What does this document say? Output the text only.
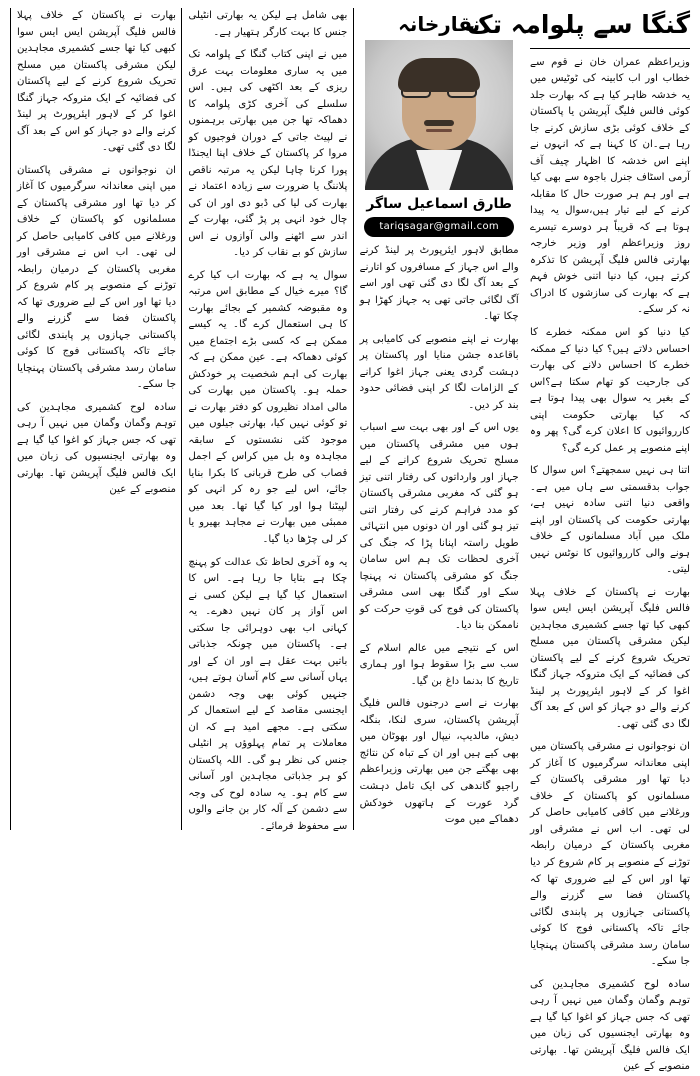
گنگا سے پلوامہ تک

وزیراعظم عمران خان نے قوم سے خطاب اور اب کابینہ کی ٹوٹیس میں یہ خدشہ ظاہر کیا ہے کہ بھارت جلد کوئی فالس فلیگ آپریشن یا پاکستان کے خلاف کوئی بڑی سازش کرنے جا رہا ہے۔ان کا کہنا ہے کہ انہوں نے اپنے اس خدشہ کا اظہار چیف آف آرمی اسٹاف جنرل باجوہ سے بھی کیا ہے اور ہم ہر صورت حال کا مقابلہ کرنے کے لیے تیار ہیں،سوال یہ پیدا ہوتا ہے کہ قریباً ہر دوسرے تیسرے روز وزیراعظم اور وزیر خارجہ بھارتی فالس فلیگ آپریشن کا تذکرہ کرتے ہیں، کیا دنیا اتنی خوش فہم ہے کہ بھارت کی سازشوں کا ادراک نہ کر سکے۔

کیا دنیا کو اس ممکنہ خطرے کا احساس دلاتے ہیں؟ کیا دنیا کے ممکنہ خطرے کا احساس دلانے کی بھارت کی جارحیت کو تھام سکتا ہے؟اس کے بغیر یہ سوال بھی پیدا ہوتا ہے کہ کیا بھارتی حکومت اپنی کارروائیوں کا اعلان کرے گی؟ پھر وہ اپنے منصوبے پر عمل کرے گی؟

اتنا ہی نہیں سمجھتے؟ اس سوال کا جواب بدقسمتی سے ہاں میں ہے۔ واقعی دنیا اتنی سادہ نہیں ہے، بھارتی حکومت کی پاکستان اور اپنے ملک میں آباد مسلمانوں کے خلاف ہونے والی کارروائیوں کا نوٹس نہیں لیتی۔

بھارت نے پاکستان کے خلاف پہلا فالس فلیگ آپریشن ایس ایس سوا کبھی کیا تھا جسے کشمیری مجاہدین لیکن مشرقی پاکستان میں مسلح تحریک شروع کرنے کے لیے پاکستان کی فضائیہ کے ایک متروکہ جہاز گنگا اغوا کر کے لاہور ایئرپورٹ پر لینڈ کرنے والے دو جہاز کو اس کے بعد آگ لگا دی گئی تھی۔

ان نوجوانوں نے مشرقی پاکستان میں اپنی معاندانہ سرگرمیوں کا آغاز کر دیا تھا اور مشرقی پاکستان کے مسلمانوں کو پاکستان کے خلاف ورغلانے میں کافی کامیابی حاصل کر لی تھی۔ اب اس نے مشرقی اور مغربی پاکستان کے درمیان رابطہ توڑنے کے منصوبے پر کام شروع کر دیا تھا اور اس کے لیے ضروری تھا کہ پاکستان فضا سے گزرنے والے پاکستانی جہازوں پر پابندی لگائی جائے تاکہ پاکستانی فوج کا کوئی سامان رسد مشرقی پاکستان پہنچایا جا سکے۔

سادہ لوح کشمیری مجاہدین کی توہم وگمان وگمان میں نہیں آ رہی تھی کہ جس جہاز کو اغوا کیا گیا ہے وہ بھارتی ایجنسیوں کی زبان میں ایک فالس فلیگ آپریشن تھا۔ بھارتی منصوبے کے عین

نقارخانہ
طارق اسماعیل ساگر
tariqsagar@gmail.com

مطابق لاہور ایئرپورٹ پر لینڈ کرنے والے اس جہاز کے مسافروں کو اتارنے کے بعد آگ لگا دی گئی تھی اور اسے آگ لگائی جاتی تھی یہ جہاز کھڑا ہو چکا تھا۔

بھارت نے اپنے منصوبے کی کامیابی پر باقاعدہ جشن منایا اور پاکستان پر دہشت گردی یعنی جہاز اغوا کرانے کے الزامات لگا کر اپنی فضائی حدود بند کر دیں۔

یوں اس کے اور بھی بہت سے اسباب ہوں میں مشرقی پاکستان میں مسلح تحریک شروع کرانے کے لیے جہاز اور وارداتوں کی رفتار اتنی تیز ہو گئی کہ مغربی مشرقی پاکستان کو مدد فراہم کرنے کی رفتار اتنی تیز ہو گئی اور ان دونوں میں انتہائی طویل راستہ اپنانا پڑا کہ جنگ کی آخری لحظات تک ہم اس سامان جنگ کو مشرقی پاکستان نہ پہنچا سکے اور گنگا بھی اسی مشرقی پاکستان کی فوج کی قوتِ حرکت کو ناممکن بنا دیا۔

اس کے نتیجے میں عالم اسلام کے سب سے بڑا سقوط ہوا اور ہماری تاریخ کا بدنما داغ بن گیا۔

بھارت نے اسے درجنوں فالس فلیگ آپریشن پاکستان، سری لنکا، بنگلہ دیش، مالدیپ، نیپال اور بھوٹان میں بھی کیے ہیں اور ان کے تباہ کن نتائج بھی بھگتے جن میں بھارتی وزیراعظم راجیو گاندھی کی ایک تامل دہشت گرد عورت کے ہاتھوں خودکش دھماکے میں موت

بھی شامل ہے لیکن یہ بھارتی انٹیلی جنس کا بہت کارگر ہتھیار ہے۔

میں نے اپنی کتاب گنگا کے پلوامہ تک میں یہ ساری معلومات بہت عرق ریزی کے بعد اکٹھی کی ہیں۔ اس سلسلے کی آخری کڑی پلوامہ کا دھماکہ تھا جن میں بھارتی برہمنوں نے لپیٹ جاتی کے دوران فوجیوں کو مروا کر پاکستان کے خلاف اپنا ایجنڈا پورا کرنا چاہا لیکن یہ مرتبہ ناقص پلاننگ یا ضرورت سے زیادہ اعتماد نے بھارت کی لیا کی ڈبو دی اور ان کی چال خود انہی پر پڑ گئی، بھارت کے اندر سے اٹھنے والی آوازوں نے اس سازش کو بے نقاب کر دیا۔

سوال یہ ہے کہ بھارت اب کیا کرے گا؟ میرے خیال کے مطابق اس مرتبہ وہ مقبوضہ کشمیر کے بجائے بھارت کا ہی استعمال کرے گا۔ یہ کیسے ممکن ہے کہ کسی بڑے اجتماع میں کوئی دھماکہ ہے۔ عین ممکن ہے کہ بھارت کی اہم شخصیت پر خودکش حملہ ہو۔ پاکستان میں بھارت کی مالی امداد نظیروں کو دفتر بھارت نے تو کوئی نہیں کیا، بھارتی جیلوں میں موجود کئی نشستوں کے سابقہ مجاہدہ وہ بل میں کراس کے اجمل قصاب کی طرح قربانی کا بکرا بنایا جائے، اس لیے جو رہ کر انہی کو لپیٹنا ہوا اور کیا گیا تھا۔ بعد میں ممبئی میں بھارت نے مجاہد بھیرو یا کر لی چڑھا دیا گیا۔

یہ وہ آخری لحاظ تک عدالت کو پہنچ چکا ہے بتایا جا رہا ہے۔ اس کا استعمال کیا گیا ہے لیکن کسی نے اس آواز پر کان نہیں دھرے۔ یہ کہانی اب بھی دوہرائی جا سکتی ہے۔ پاکستان میں چونکہ جذباتی باتیں بہت عقل ہے اور ان کے اور یہاں آسانی سے کام آسان ہوتے ہیں، جنہیں کوئی بھی وجہ دشمن ایجنسی مقاصد کے لیے استعمال کر سکتی ہے۔ مجھے امید ہے کہ ان معاملات پر تمام پہلوؤں پر انٹیلی جنس کی نظر ہو گی۔ اللہ پاکستان کو ہر جذباتی مجاہدین اور آسانی سے کام ہو۔ یہ سادہ لوح کی وجہ سے دشمن کے آلہ کار بن جانے والوں سے محفوظ فرمائے۔

بھارت نے پاکستان کے خلاف پہلا فالس فلیگ آپریشن ایس ایس سوا کبھی کیا تھا جسے کشمیری مجاہدین لیکن مشرقی پاکستان میں مسلح تحریک شروع کرنے کے لیے پاکستان کی فضائیہ کے ایک متروکہ جہاز گنگا اغوا کر کے لاہور ایئرپورٹ پر لینڈ کرنے والے دو جہاز کو اس کے بعد آگ لگا دی گئی تھی۔

ان نوجوانوں نے مشرقی پاکستان میں اپنی معاندانہ سرگرمیوں کا آغاز کر دیا تھا اور مشرقی پاکستان کے مسلمانوں کو پاکستان کے خلاف ورغلانے میں کافی کامیابی حاصل کر لی تھی۔ اب اس نے مشرقی اور مغربی پاکستان کے درمیان رابطہ توڑنے کے منصوبے پر کام شروع کر دیا تھا اور اس کے لیے ضروری تھا کہ پاکستان فضا سے گزرنے والے پاکستانی جہازوں پر پابندی لگائی جائے تاکہ پاکستانی فوج کا کوئی سامان رسد مشرقی پاکستان پہنچایا جا سکے۔

سادہ لوح کشمیری مجاہدین کی توہم وگمان وگمان میں نہیں آ رہی تھی کہ جس جہاز کو اغوا کیا گیا ہے وہ بھارتی ایجنسیوں کی زبان میں ایک فالس فلیگ آپریشن تھا۔ بھارتی منصوبے کے عین
